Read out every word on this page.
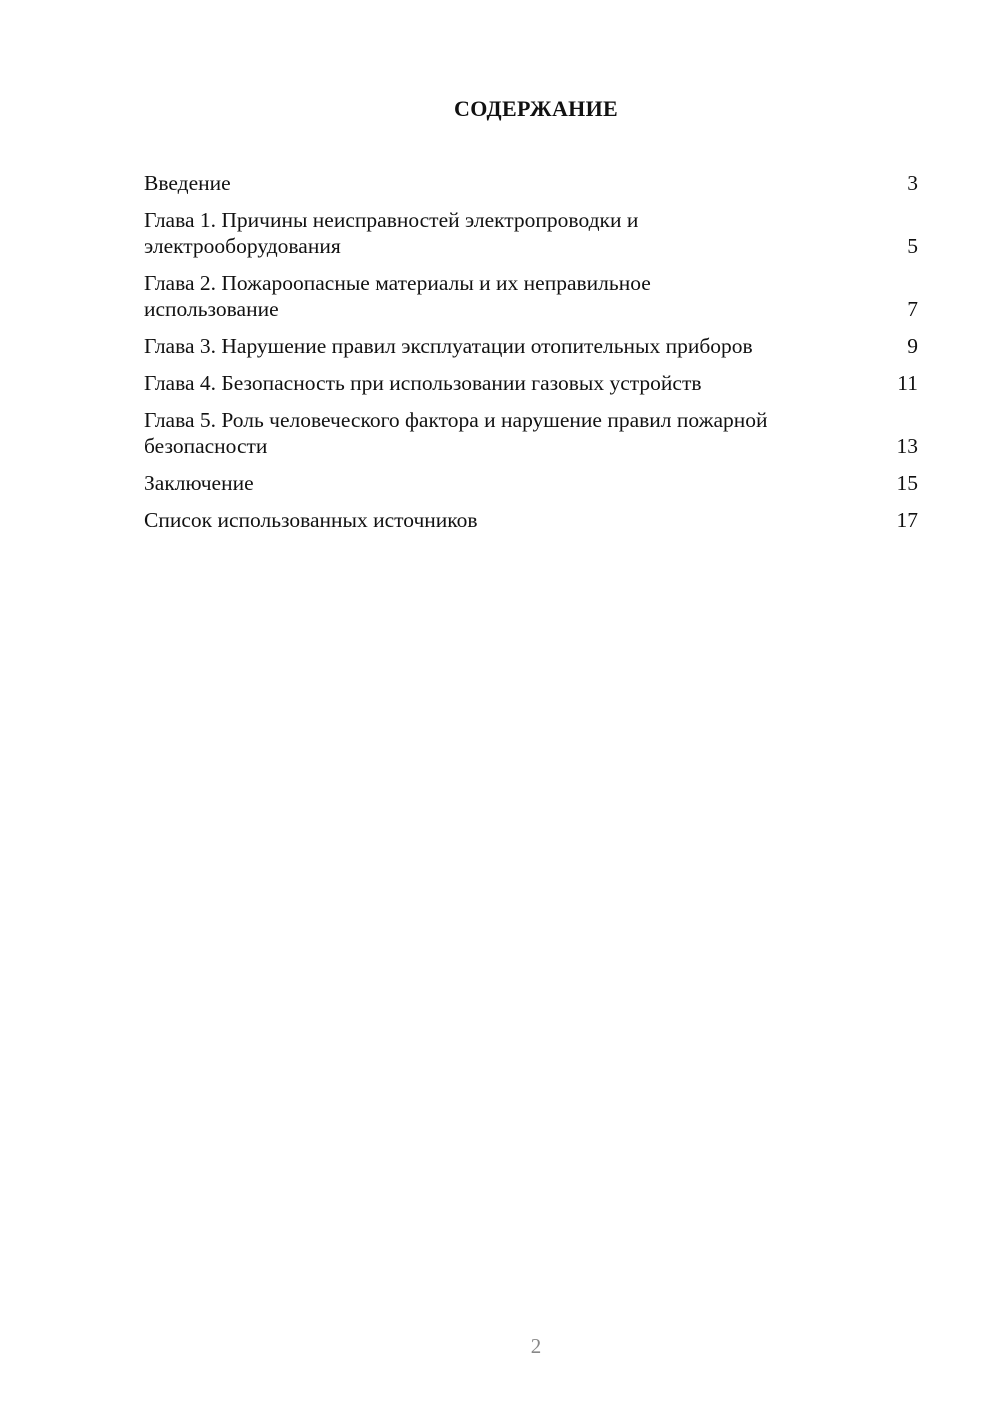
СОДЕРЖАНИЕ
Введение	3
Глава 1. Причины неисправностей электропроводки и электрооборудования	5
Глава 2. Пожароопасные материалы и их неправильное использование	7
Глава 3. Нарушение правил эксплуатации отопительных приборов	9
Глава 4. Безопасность при использовании газовых устройств	11
Глава 5. Роль человеческого фактора и нарушение правил пожарной безопасности	13
Заключение	15
Список использованных источников	17
2
